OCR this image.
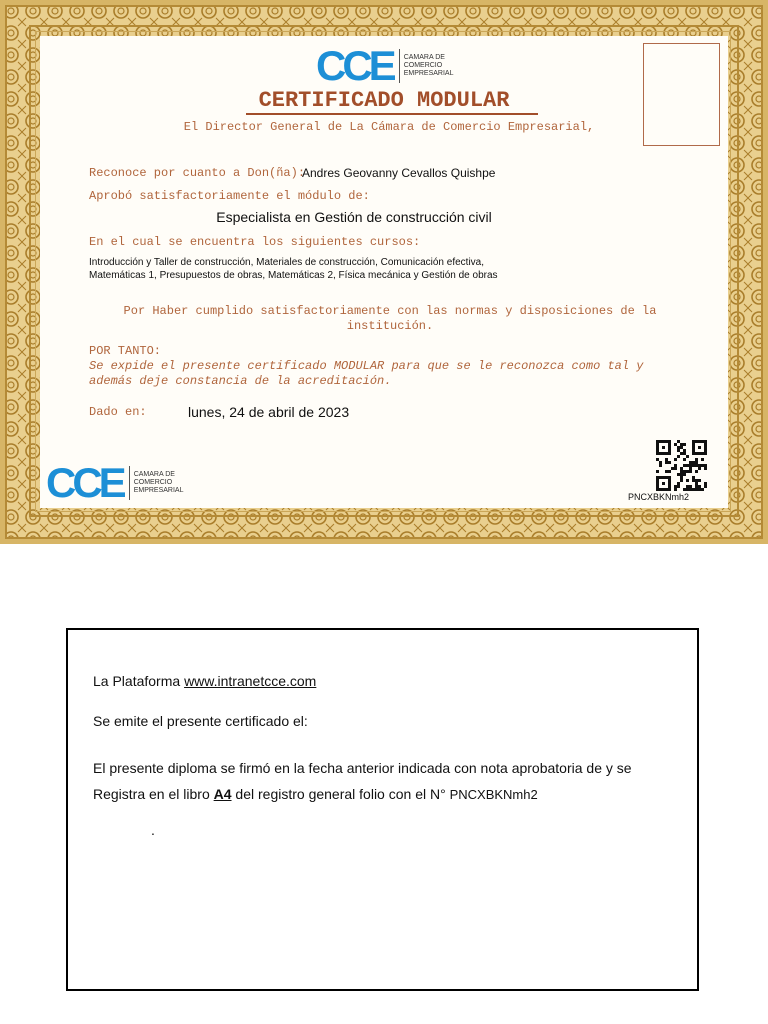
CCE CAMARA DE
COMERCIO
EMPRESARIAL
CERTIFICADO MODULAR
El Director General de La Cámara de Comercio Empresarial,
Reconoce por cuanto a Don(ña):
Andres Geovanny Cevallos Quishpe
Aprobó satisfactoriamente el módulo de:
Especialista en Gestión de construcción civil
En el cual se encuentra los siguientes cursos:
Introducción y Taller de construcción, Materiales de construcción, Comunicación efectiva,
Matemáticas 1, Presupuestos de obras, Matemáticas 2, Física mecánica y Gestión de obras
Por Haber cumplido satisfactoriamente con las normas y disposiciones de la
institución.
POR TANTO:
Se expide el presente certificado MODULAR para que se le reconozca como tal y
además deje constancia de la acreditación.
Dado en:	lunes, 24 de abril de 2023
CCE CAMARA DE
COMERCIO
EMPRESARIAL
PNCXBKNmh2
La Plataforma www.intranetcce.com
Se emite el presente certificado el:
El presente diploma se firmó en la fecha anterior indicada con nota aprobatoria de y se
Registra en el libro A4 del registro general folio con el N° PNCXBKNmh2
.
